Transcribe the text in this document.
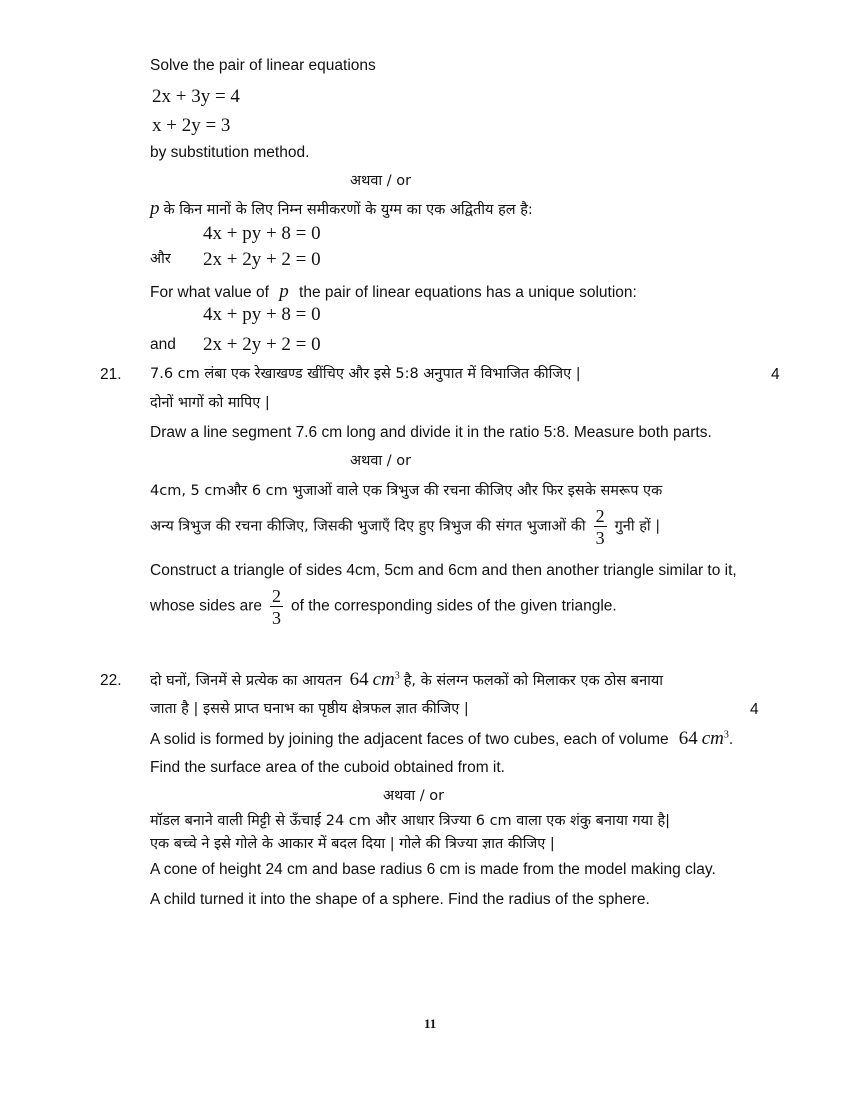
Solve the pair of linear equations
2x + 3y = 4
x + 2y = 3
by substitution method.
अथवा / or
p के किन मानों के लिए निम्न समीकरणों के युग्म का एक अद्वितीय हल है:
4x + py + 8 = 0
और 2x + 2y + 2 = 0
For what value of p the pair of linear equations has a unique solution:
4x + py + 8 = 0
and 2x + 2y + 2 = 0
21. 7.6 cm लंबा एक रेखाखण्ड खींचिए और इसे 5:8 अनुपात में विभाजित कीजिए |	4
दोनों भागों को मापिए |
Draw a line segment 7.6 cm long and divide it in the ratio 5:8. Measure both parts.
अथवा / or
4cm, 5 cmऔर 6 cm भुजाओं वाले एक त्रिभुज की रचना कीजिए और फिर इसके समरूप एक
अन्य त्रिभुज की रचना कीजिए, जिसकी भुजाएँ दिए हुए त्रिभुज की संगत भुजाओं की $\frac{2}{3}$ गुनी हों |
Construct a triangle of sides 4cm, 5cm and 6cm and then another triangle similar to it,
whose sides are $\frac{2}{3}$ of the corresponding sides of the given triangle.
22. दो घनों, जिनमें से प्रत्येक का आयतन 64 $cm^3$ है, के संलग्न फलकों को मिलाकर एक ठोस बनाया
जाता है | इससे प्राप्त घनाभ का पृष्ठीय क्षेत्रफल ज्ञात कीजिए |	4
A solid is formed by joining the adjacent faces of two cubes, each of volume 64 $cm^3$.
Find the surface area of the cuboid obtained from it.
अथवा / or
मॉडल बनाने वाली मिट्टी से ऊँचाई 24 cm और आधार त्रिज्या 6 cm वाला एक शंकु बनाया गया है|
एक बच्चे ने इसे गोले के आकार में बदल दिया | गोले की त्रिज्या ज्ञात कीजिए |
A cone of height 24 cm and base radius 6 cm is made from the model making clay.
A child turned it into the shape of a sphere. Find the radius of the sphere.
11
